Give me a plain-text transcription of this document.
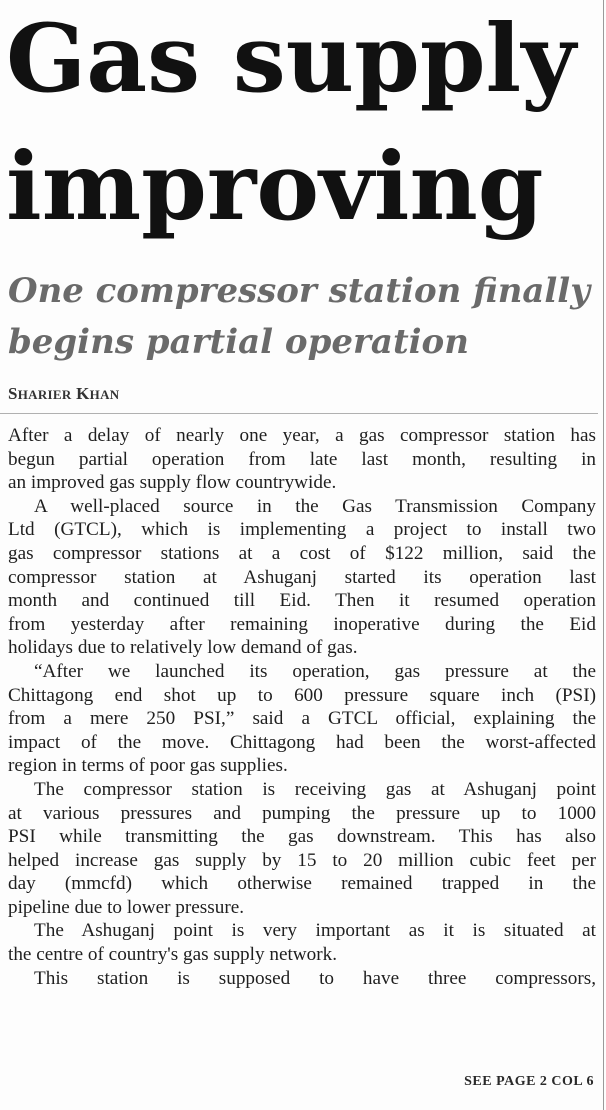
Gas supply
improving
One compressor station finally
begins partial operation
SHARIER KHAN
After a delay of nearly one year, a gas compressor station has
begun partial operation from late last month, resulting in
an improved gas supply flow countrywide.
A well-placed source in the Gas Transmission Company
Ltd (GTCL), which is implementing a project to install two
gas compressor stations at a cost of $122 million, said the
compressor station at Ashuganj started its operation last
month and continued till Eid. Then it resumed operation
from yesterday after remaining inoperative during the Eid
holidays due to relatively low demand of gas.
“After we launched its operation, gas pressure at the
Chittagong end shot up to 600 pressure square inch (PSI)
from a mere 250 PSI,” said a GTCL official, explaining the
impact of the move. Chittagong had been the worst-affected
region in terms of poor gas supplies.
The compressor station is receiving gas at Ashuganj point
at various pressures and pumping the pressure up to 1000
PSI while transmitting the gas downstream. This has also
helped increase gas supply by 15 to 20 million cubic feet per
day (mmcfd) which otherwise remained trapped in the
pipeline due to lower pressure.
The Ashuganj point is very important as it is situated at
the centre of country's gas supply network.
This station is supposed to have three compressors,
SEE PAGE 2 COL 6
